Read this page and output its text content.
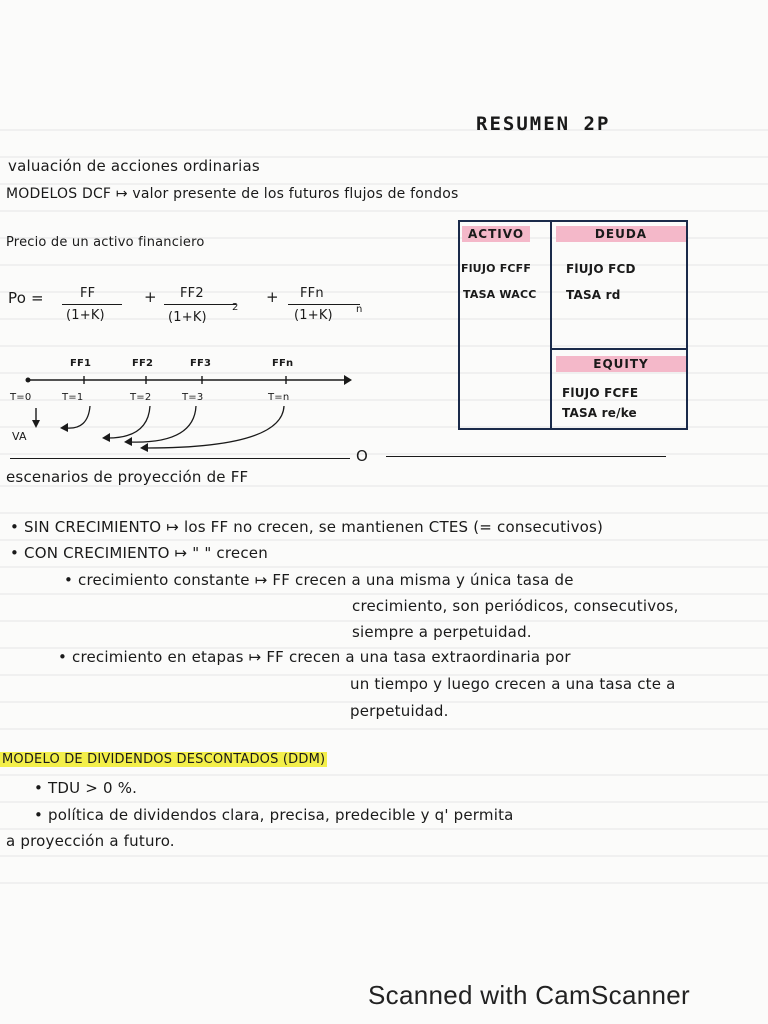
RESUMEN 2P
valuación de acciones ordinarias
MODELOS DCF ↦ valor presente de los futuros flujos de fondos
Precio de un activo financiero
Po =	FF
(1+K)
+ FF2
(1+K)
2
+ FFn
(1+K) n
FF1	FF2	FF3	FFn
T=0	T=1	T=2	T=3	T=n
VA
ACTIVO
FlUJO FCFF
TASA WACC
DEUDA
FlUJO FCD
TASA rd
EQUITY
FlUJO FCFE
TASA re/ke
O
escenarios de proyección de FF
• SIN CRECIMIENTO ↦ los FF no crecen, se mantienen CTES (= consecutivos)
• CON CRECIMIENTO ↦ " " crecen
• crecimiento constante ↦ FF crecen a una misma y única tasa de
crecimiento, son periódicos, consecutivos,
siempre a perpetuidad.
• crecimiento en etapas ↦ FF crecen a una tasa extraordinaria por
un tiempo y luego crecen a una tasa cte a
perpetuidad.
MODELO DE DIVIDENDOS DESCONTADOS (DDM)
• TDU > 0 %.
• política de dividendos clara, precisa, predecible y q' permita
a proyección a futuro.
Scanned with CamScanner
